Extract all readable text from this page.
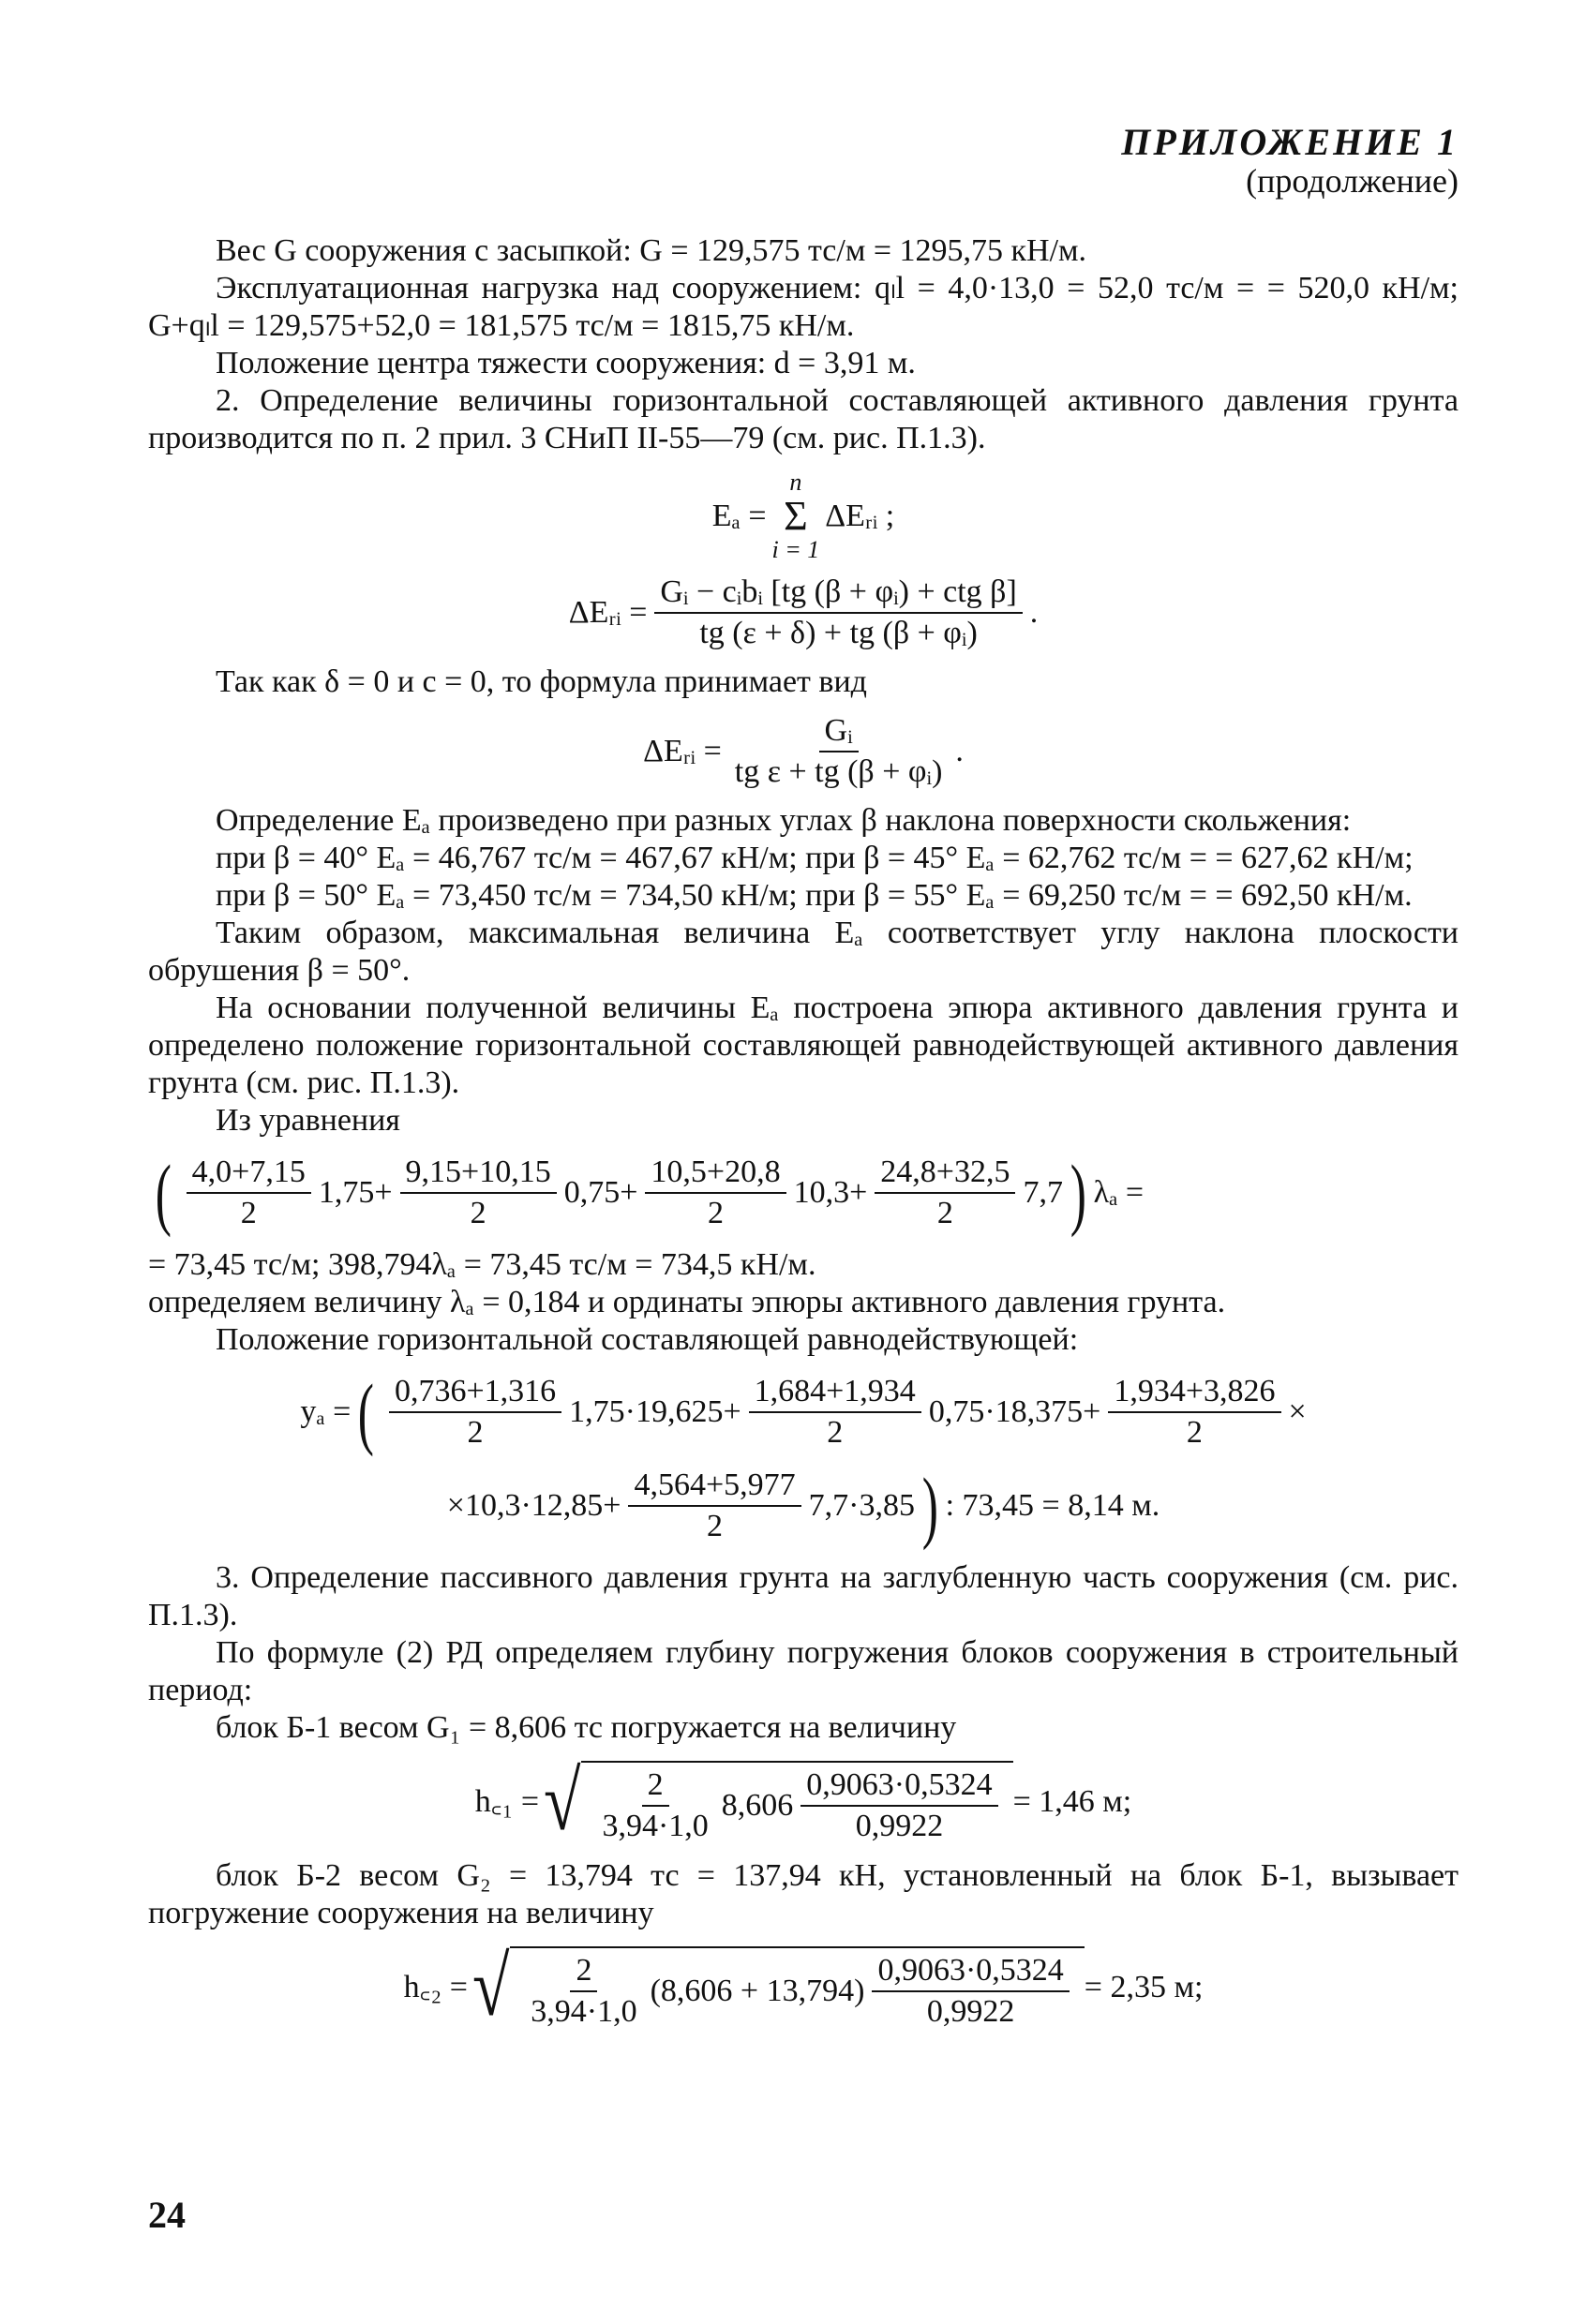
ПРИЛОЖЕНИЕ 1
(продолжение)

Вес G сооружения с засыпкой: G = 129,575 тс/м = 1295,75 кН/м.

Эксплуатационная нагрузка над сооружением: qₗl = 4,0·13,0 = 52,0 тс/м = = 520,0 кН/м; G+qₗl = 129,575+52,0 = 181,575 тс/м = 1815,75 кН/м.

Положение центра тяжести сооружения: d = 3,91 м.

2. Определение величины горизонтальной составляющей активного давления грунта производится по п. 2 прил. 3 СНиП II-55—79 (см. рис. П.1.3).

Eₐ =
n
Σ
i = 1
ΔEᵣᵢ ;
ΔEᵣᵢ = $\frac{\text{Gᵢ − cᵢbᵢ [tg (β + φᵢ) + ctg β]}}{\text{tg (ε + δ) + tg (β + φᵢ)}}$ .

Так как δ = 0 и c = 0, то формула принимает вид

ΔEᵣᵢ = $\frac{\text{Gᵢ}}{\text{tg ε + tg (β + φᵢ)}}$ .

Определение Eₐ произведено при разных углах β наклона поверхности скольжения:

при β = 40° Eₐ = 46,767 тс/м = 467,67 кН/м; при β = 45° Eₐ = 62,762 тс/м = = 627,62 кН/м;

при β = 50° Eₐ = 73,450 тс/м = 734,50 кН/м; при β = 55° Eₐ = 69,250 тс/м = = 692,50 кН/м.

Таким образом, максимальная величина Eₐ соответствует углу наклона плоскости обрушения β = 50°.

На основании полученной величины Eₐ построена эпюра активного давления грунта и определено положение горизонтальной составляющей равнодействующей активного давления грунта (см. рис. П.1.3).

Из уравнения

( $\frac{4,0+7,15}{2} 1,75+ \frac{9,15+10,15}{2} 0,75+ \frac{10,5+20,8}{2} 10,3+ \frac{24,8+32,5}{2} 7,7$ ) λₐ =

= 73,45 тс/м; 398,794λₐ = 73,45 тс/м = 734,5 кН/м.

определяем величину λₐ = 0,184 и ординаты эпюры активного давления грунта.

Положение горизонтальной составляющей равнодействующей:

yₐ = ( $\frac{0,736+1,316}{2} 1,75\cdot 19,625+ \frac{1,684+1,934}{2} 0,75\cdot 18,375+ \frac{1,934+3,826}{2}$ ×
$\times 10,3\cdot 12,85+ \frac{4,564+5,977}{2} 7,7\cdot 3,85$ ) : 73,45 = 8,14 м.

3. Определение пассивного давления грунта на заглубленную часть сооружения (см. рис. П.1.3).

По формуле (2) РД определяем глубину погружения блоков сооружения в строительный период:

блок Б-1 весом G₁ = 8,606 тс погружается на величину

h꜀₁ = √ $\frac{2}{3,94\cdot 1,0} 8,606 \frac{0,9063\cdot 0,5324}{0,9922} = 1,46$ м;

блок Б-2 весом G₂ = 13,794 тс = 137,94 кН, установленный на блок Б-1, вызывает погружение сооружения на величину

h꜀₂ = √ $\frac{2}{3,94\cdot 1,0} (8,606 + 13,794) \frac{0,9063\cdot 0,5324}{0,9922} = 2,35$ м;
24
